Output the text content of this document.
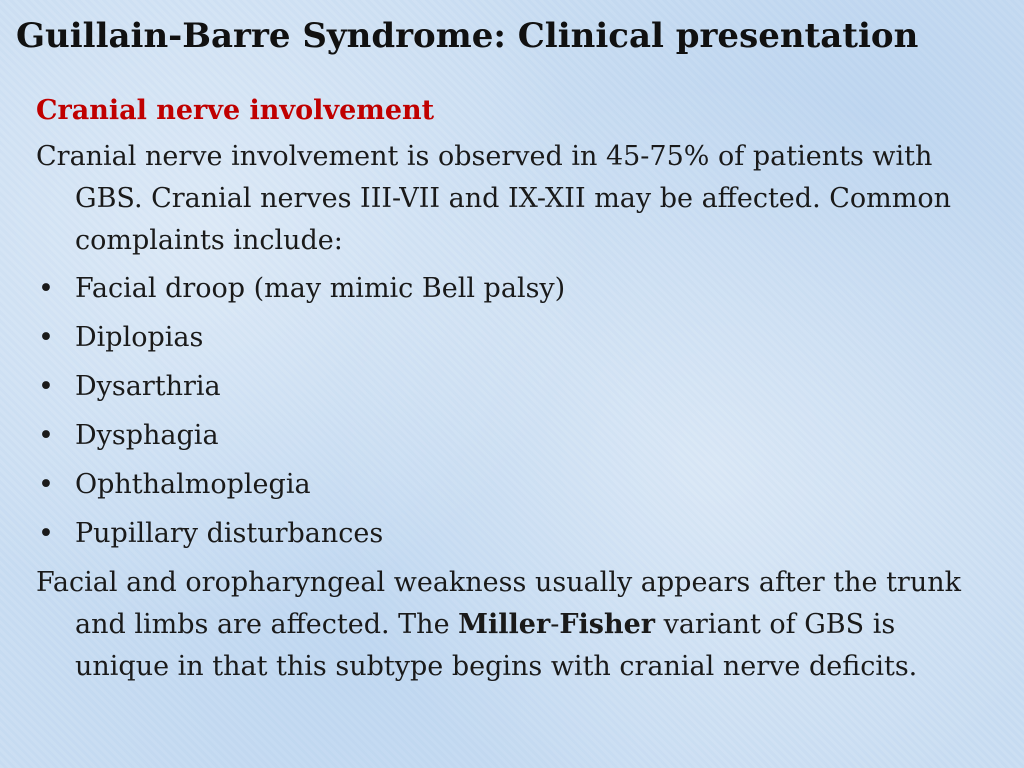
Guillain-Barre Syndrome: Clinical presentation
Cranial nerve involvement

Cranial nerve involvement is observed in 45-75% of patients with GBS. Cranial nerves III-VII and IX-XII may be affected. Common complaints include:

• Facial droop (may mimic Bell palsy)
• Diplopias
• Dysarthria
• Dysphagia
• Ophthalmoplegia
• Pupillary disturbances

Facial and oropharyngeal weakness usually appears after the trunk and limbs are affected. The Miller-Fisher variant of GBS is unique in that this subtype begins with cranial nerve deficits.
